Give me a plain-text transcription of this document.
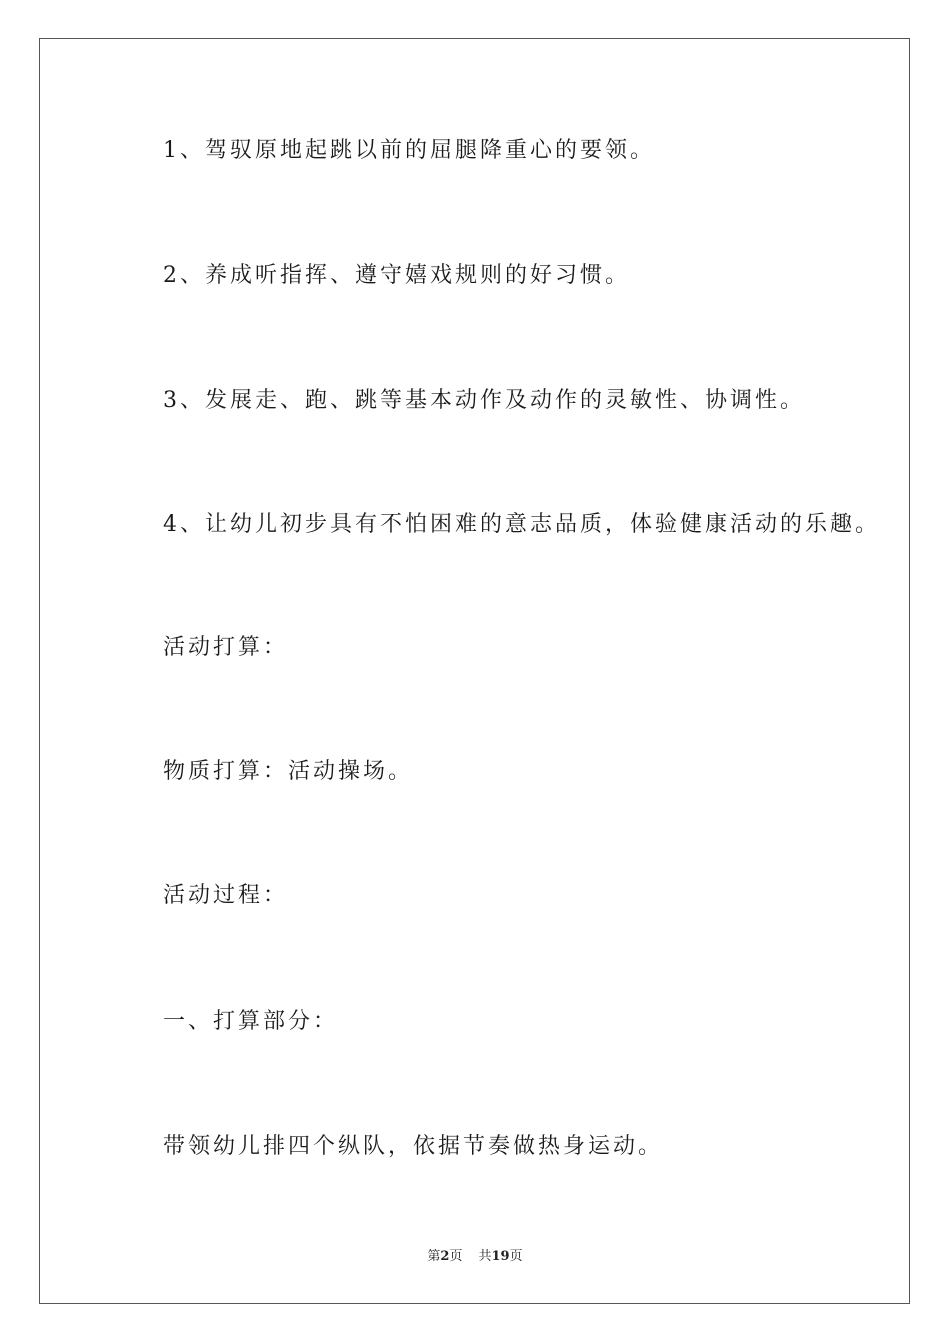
1、驾驭原地起跳以前的屈腿降重心的要领。

2、养成听指挥、遵守嬉戏规则的好习惯。

3、发展走、跑、跳等基本动作及动作的灵敏性、协调性。

4、让幼儿初步具有不怕困难的意志品质，体验健康活动的乐趣。

活动打算：

物质打算：活动操场。

活动过程：

一、打算部分：

带领幼儿排四个纵队，依据节奏做热身运动。

第2页 共19页
